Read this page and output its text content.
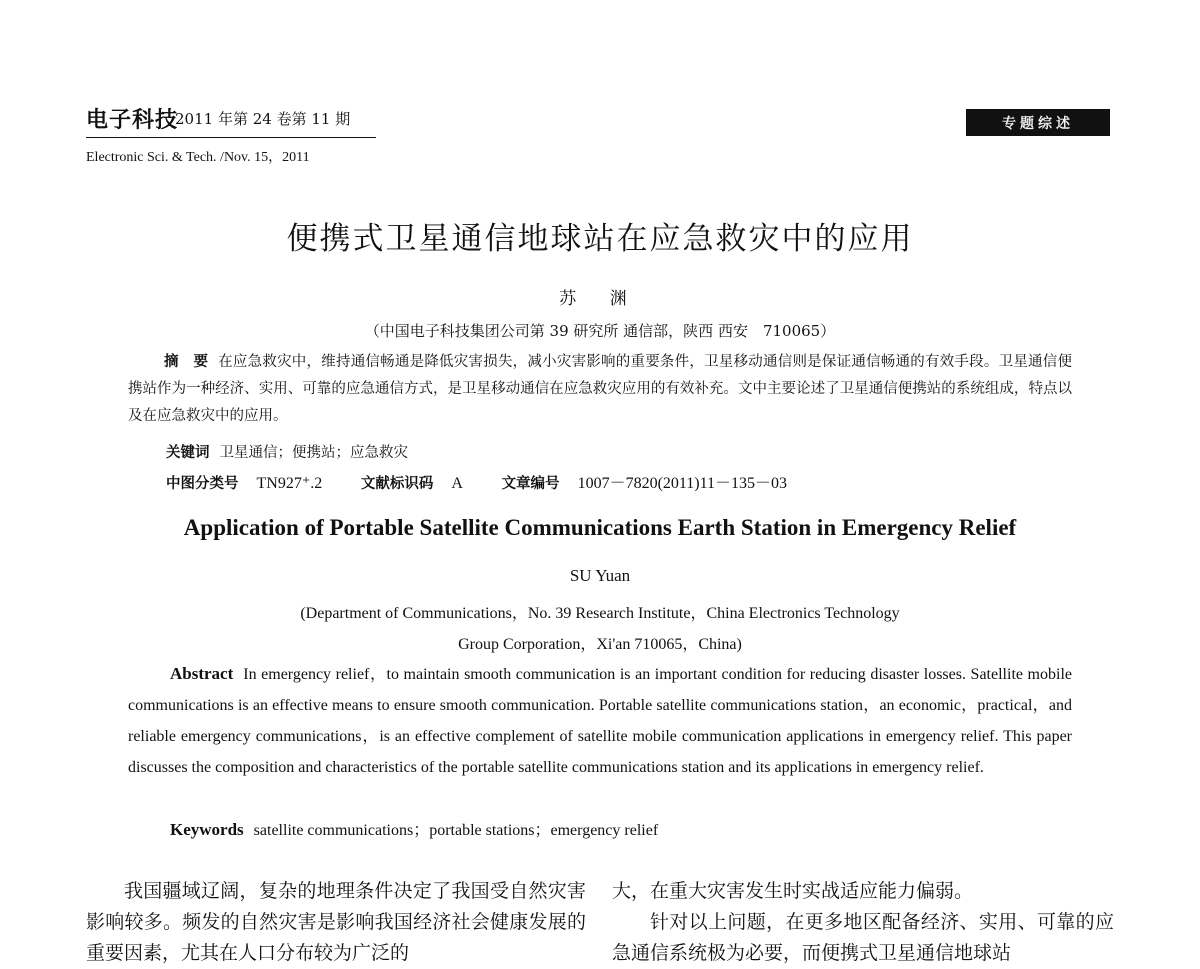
电子科技
2011 年第 24 卷第 11 期
Electronic Sci. & Tech. /Nov. 15，2011
专题综述
便携式卫星通信地球站在应急救灾中的应用
苏 渊
（中国电子科技集团公司第 39 研究所 通信部，陕西 西安　710065）
摘　要 在应急救灾中，维持通信畅通是降低灾害损失，减小灾害影响的重要条件，卫星移动通信则是保证通信畅通的有效手段。卫星通信便携站作为一种经济、实用、可靠的应急通信方式，是卫星移动通信在应急救灾应用的有效补充。文中主要论述了卫星通信便携站的系统组成，特点以及在应急救灾中的应用。
关键词 卫星通信；便携站；应急救灾
中图分类号 TN927⁺.2	文献标识码 A	文章编号 1007－7820(2011)11－135－03
Application of Portable Satellite Communications Earth Station in Emergency Relief
SU Yuan
(Department of Communications，No. 39 Research Institute，China Electronics Technology
Group Corporation，Xi'an 710065，China)
Abstract In emergency relief，to maintain smooth communication is an important condition for reducing disaster losses. Satellite mobile communications is an effective means to ensure smooth communication. Portable satellite communications station，an economic，practical，and reliable emergency communications，is an effective complement of satellite mobile communication applications in emergency relief. This paper discusses the composition and characteristics of the portable satellite communications station and its applications in emergency relief.
Keywords satellite communications；portable stations；emergency relief
我国疆域辽阔，复杂的地理条件决定了我国受自然灾害影响较多。频发的自然灾害是影响我国经济社会健康发展的重要因素，尤其在人口分布较为广泛的

大，在重大灾害发生时实战适应能力偏弱。

针对以上问题，在更多地区配备经济、实用、可靠的应急通信系统极为必要，而便携式卫星通信地球站
